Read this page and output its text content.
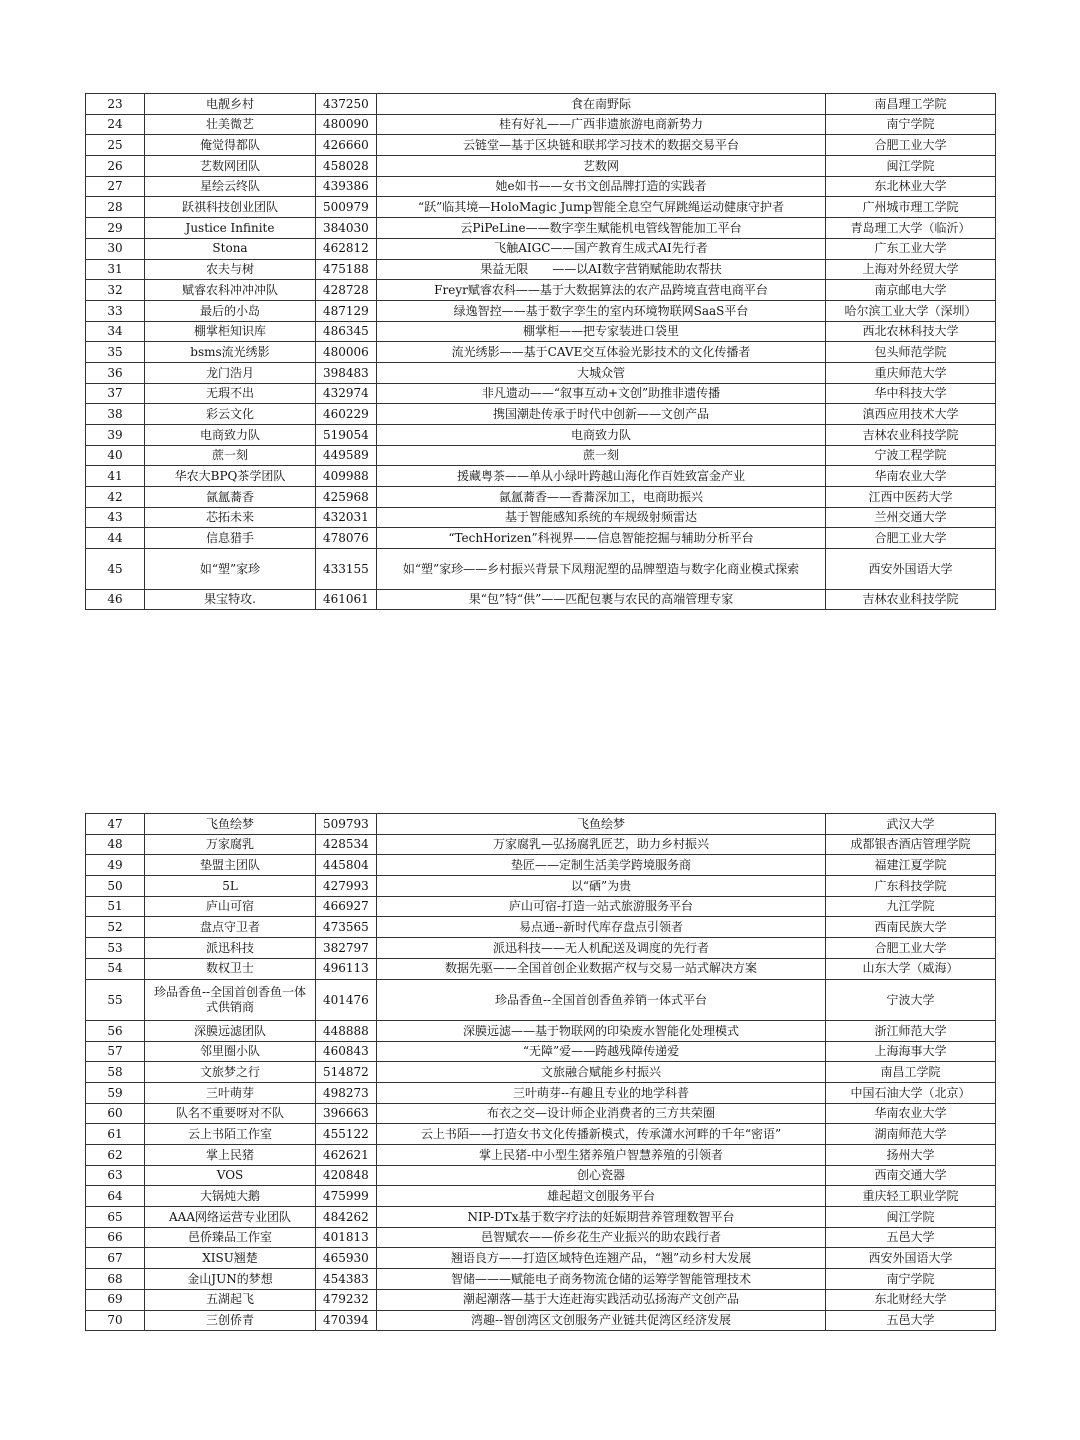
23	电靓乡村	437250	食在南野际	南昌理工学院
24	壮美微艺	480090	桂有好礼——广西非遗旅游电商新势力	南宁学院
25	俺觉得都队	426660	云链堂—基于区块链和联邦学习技术的数据交易平台	合肥工业大学
26	艺数网团队	458028	艺数网	闽江学院
27	星绘云终队	439386	她e如书——女书文创品牌打造的实践者	东北林业大学
28	跃祺科技创业团队	500979	“跃”临其境—HoloMagic Jump智能全息空气屏跳绳运动健康守护者	广州城市理工学院
29	Justice Infinite	384030	云PiPeLine——数字孪生赋能机电管线智能加工平台	青岛理工大学（临沂）
30	Stona	462812	飞触AIGC——国产教育生成式AI先行者	广东工业大学
31	农夫与树	475188	果益无限　　——以AI数字营销赋能助农帮扶	上海对外经贸大学
32	赋睿农科冲冲冲队	428728	Freyr赋睿农科——基于大数据算法的农产品跨境直营电商平台	南京邮电大学
33	最后的小岛	487129	绿逸智控——基于数字孪生的室内环境物联网SaaS平台	哈尔滨工业大学（深圳）
34	棚掌柜知识库	486345	棚掌柜——把专家装进口袋里	西北农林科技大学
35	bsms流光绣影	480006	流光绣影——基于CAVE交互体验光影技术的文化传播者	包头师范学院
36	龙门浩月	398483	大城众管	重庆师范大学
37	无瑕不出	432974	非凡遗动——“叙事互动+文创”助推非遗传播	华中科技大学
38	彩云文化	460229	携国潮赴传承于时代中创新——文创产品	滇西应用技术大学
39	电商致力队	519054	电商致力队	吉林农业科技学院
40	蔗一刻	449589	蔗一刻	宁波工程学院
41	华农大BPQ茶学团队	409988	援藏粤茶——单从小绿叶跨越山海化作百姓致富金产业	华南农业大学
42	氤氲蕎香	425968	氤氲蕎香——香蕎深加工，电商助振兴	江西中医药大学
43	芯拓未来	432031	基于智能感知系统的车规级射频雷达	兰州交通大学
44	信息猎手	478076	“TechHorizen”科视界——信息智能挖掘与辅助分析平台	合肥工业大学
45	如“塑”家珍	433155	如“塑”家珍——乡村振兴背景下凤翔泥塑的品牌塑造与数字化商业模式探索	西安外国语大学
46	果宝特攻.	461061	果“包”特“供”——匹配包裹与农民的高端管理专家	吉林农业科技学院
47	飞鱼绘梦	509793	飞鱼绘梦	武汉大学
48	万家腐乳	428534	万家腐乳—弘扬腐乳匠艺，助力乡村振兴	成都银杏酒店管理学院
49	垫盟主团队	445804	垫匠——定制生活美学跨境服务商	福建江夏学院
50	5L	427993	以“硒”为贵	广东科技学院
51	庐山可宿	466927	庐山可宿-打造一站式旅游服务平台	九江学院
52	盘点守卫者	473565	易点通--新时代库存盘点引领者	西南民族大学
53	派迅科技	382797	派迅科技——无人机配送及调度的先行者	合肥工业大学
54	数权卫士	496113	数据先驱——全国首创企业数据产权与交易一站式解决方案	山东大学（威海）
55	珍品香鱼--全国首创香鱼一体式供销商	401476	珍品香鱼--全国首创香鱼养销一体式平台	宁波大学
56	深膜远滤团队	448888	深膜远滤——基于物联网的印染废水智能化处理模式	浙江师范大学
57	邻里圈小队	460843	“无障”爱——跨越残障传递爱	上海海事大学
58	文旅梦之行	514872	文旅融合赋能乡村振兴	南昌工学院
59	三叶萌芽	498273	三叶萌芽--有趣且专业的地学科普	中国石油大学（北京）
60	队名不重要呀对不队	396663	布衣之交—设计师企业消费者的三方共荣圈	华南农业大学
61	云上书陌工作室	455122	云上书陌——打造女书文化传播新模式，传承潇水河畔的千年“密语”	湖南师范大学
62	掌上民猪	462621	掌上民猪-中小型生猪养殖户智慧养殖的引领者	扬州大学
63	VOS	420848	创心瓷器	西南交通大学
64	大锅炖大鹅	475999	雄起超文创服务平台	重庆轻工职业学院
65	AAA网络运营专业团队	484262	NIP-DTx基于数字疗法的妊娠期营养管理数智平台	闽江学院
66	邑侨臻品工作室	401813	邑智赋农——侨乡花生产业振兴的助农践行者	五邑大学
67	XISU翘楚	465930	翘语良方——打造区域特色连翘产品，“翘”动乡村大发展	西安外国语大学
68	金山JUN的梦想	454383	智储———赋能电子商务物流仓储的运筹学智能管理技术	南宁学院
69	五湖起飞	479232	潮起潮落—基于大连赶海实践活动弘扬海产文创产品	东北财经大学
70	三创侨青	470394	湾趣--智创湾区文创服务产业链共促湾区经济发展	五邑大学
